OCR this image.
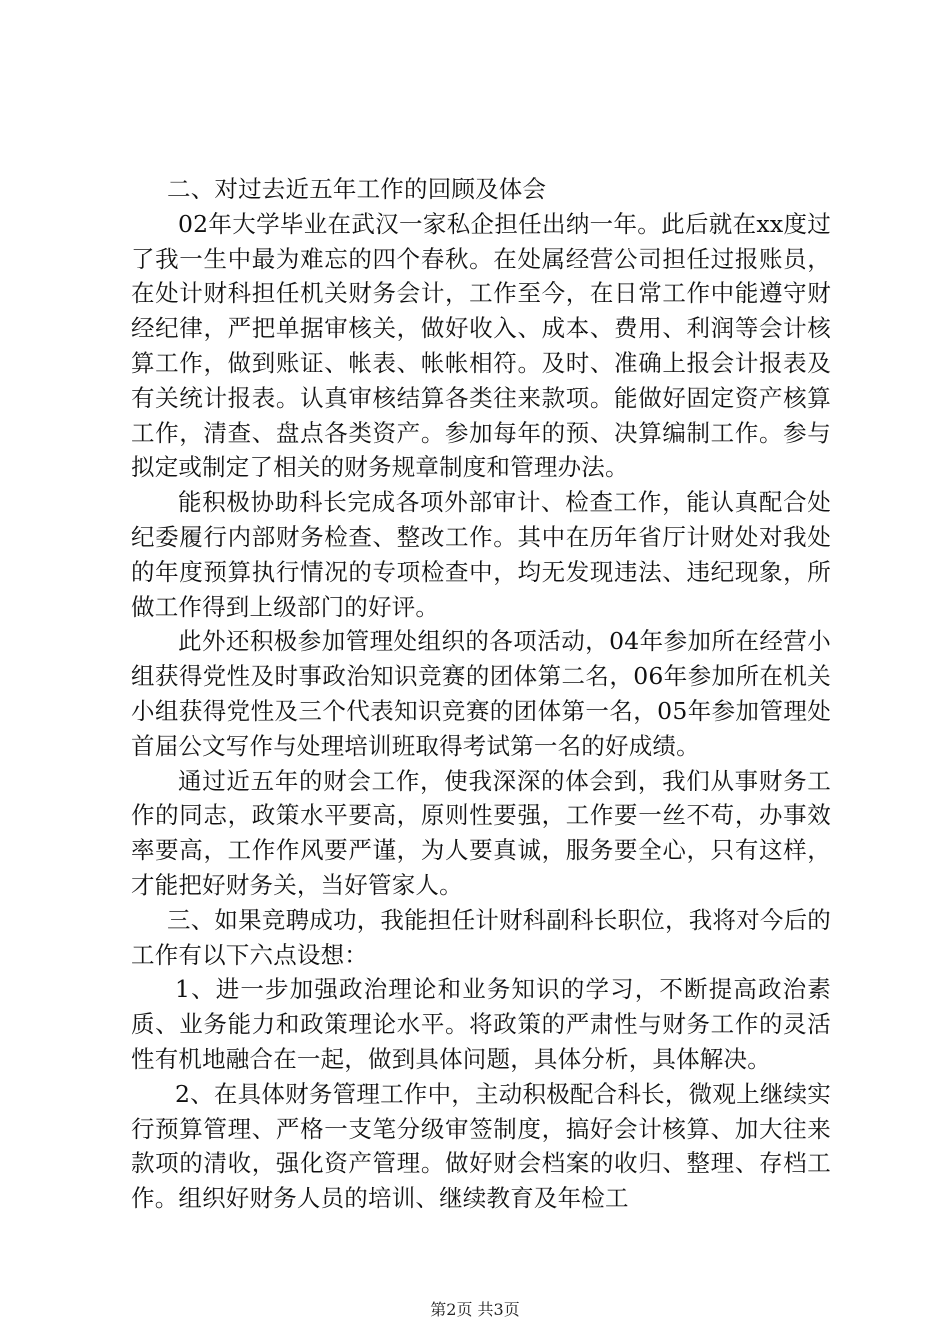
二、对过去近五年工作的回顾及体会

02年大学毕业在武汉一家私企担任出纳一年。此后就在xx度过了我一生中最为难忘的四个春秋。在处属经营公司担任过报账员，在处计财科担任机关财务会计，工作至今，在日常工作中能遵守财经纪律，严把单据审核关，做好收入、成本、费用、利润等会计核算工作，做到账证、帐表、帐帐相符。及时、准确上报会计报表及有关统计报表。认真审核结算各类往来款项。能做好固定资产核算工作，清查、盘点各类资产。参加每年的预、决算编制工作。参与拟定或制定了相关的财务规章制度和管理办法。

能积极协助科长完成各项外部审计、检查工作，能认真配合处纪委履行内部财务检查、整改工作。其中在历年省厅计财处对我处的年度预算执行情况的专项检查中，均无发现违法、违纪现象，所做工作得到上级部门的好评。

此外还积极参加管理处组织的各项活动，04年参加所在经营小组获得党性及时事政治知识竞赛的团体第二名，06年参加所在机关小组获得党性及三个代表知识竞赛的团体第一名，05年参加管理处首届公文写作与处理培训班取得考试第一名的好成绩。

通过近五年的财会工作，使我深深的体会到，我们从事财务工作的同志，政策水平要高，原则性要强，工作要一丝不苟，办事效率要高，工作作风要严谨，为人要真诚，服务要全心，只有这样，才能把好财务关，当好管家人。

三、如果竞聘成功，我能担任计财科副科长职位，我将对今后的工作有以下六点设想：

1、进一步加强政治理论和业务知识的学习，不断提高政治素质、业务能力和政策理论水平。将政策的严肃性与财务工作的灵活性有机地融合在一起，做到具体问题，具体分析，具体解决。

2、在具体财务管理工作中，主动积极配合科长，微观上继续实行预算管理、严格一支笔分级审签制度，搞好会计核算、加大往来款项的清收，强化资产管理。做好财会档案的收归、整理、存档工作。组织好财务人员的培训、继续教育及年检工

第2页 共3页
